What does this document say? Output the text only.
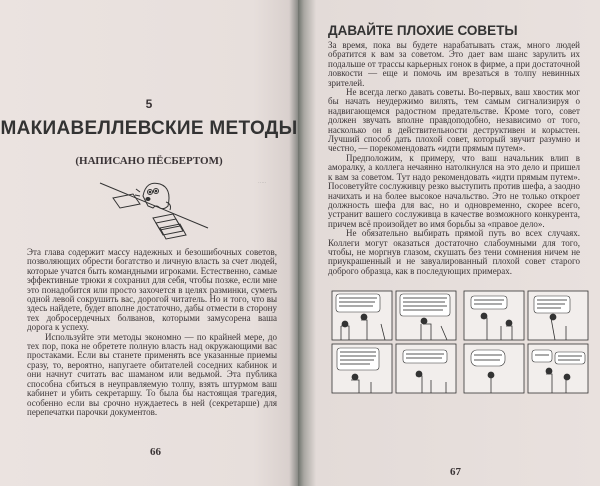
5
МАКИАВЕЛЛЕВСКИЕ МЕТОДЫ
(НАПИСАНО ПЁСБЕРТОМ)
·····

Эта глава содержит массу надежных и безошибочных советов, позволяющих обрести богатство и личную власть за счет людей, которые учатся быть командными игроками. Естественно, самые эффективные трюки я сохранил для себя, чтобы позже, если мне это понадобится или просто захочется в целях разминки, суметь одной левой сокрушить вас, дорогой читатель. Но и того, что вы здесь найдете, будет вполне достаточно, дабы отмести в сторону тех добросердечных болванов, которыми замусорена ваша дорога к успеху.

Используйте эти методы экономно — по крайней мере, до тех пор, пока не обретете полную власть над окружающими вас простаками. Если вы станете применять все указанные приемы сразу, то, вероятно, напугаете обитателей соседних кабинок и они начнут считать вас шаманом или ведьмой. Эта публика способна сбиться в неуправляемую толпу, взять штурмом ваш кабинет и убить секретаршу. То была бы настоящая трагедия, особенно если вы срочно нуждаетесь в ней (секретарше) для перепечатки парочки документов.

66
ДАВАЙТЕ ПЛОХИЕ СОВЕТЫ

За время, пока вы будете нарабатывать стаж, много людей обратится к вам за советом. Это дает вам шанс зарулить их подальше от трассы карьерных гонок в фирме, а при достаточной ловкости — еще и помочь им врезаться в толпу невинных зрителей.

Не всегда легко давать советы. Во-первых, ваш хвостик мог бы начать неудержимо вилять, тем самым сигнализируя о надвигающемся радостном предательстве. Кроме того, совет должен звучать вполне правдоподобно, независимо от того, насколько он в действительности деструктивен и корыстен. Лучший способ дать плохой совет, который звучит разумно и честно, — порекомендовать «идти прямым путем».

Предположим, к примеру, что ваш начальник влип в аморалку, а коллега нечаянно натолкнулся на это дело и пришел к вам за советом. Тут надо рекомендовать «идти прямым путем». Посоветуйте сослуживцу резко выступить против шефа, а заодно начихать и на более высокое начальство. Это не только откроет должность шефа для вас, но и одновременно, скорее всего, устранит вашего сослуживца в качестве возможного конкурента, причем всё произойдет во имя борьбы за «правое дело».

Не обязательно выбирать прямой путь во всех случаях. Коллеги могут оказаться достаточно слабоумными для того, чтобы, не моргнув глазом, скушать без тени сомнения ничем не приукрашенный и не завуалированный плохой совет старого доброго образца, как в последующих примерах.

67
